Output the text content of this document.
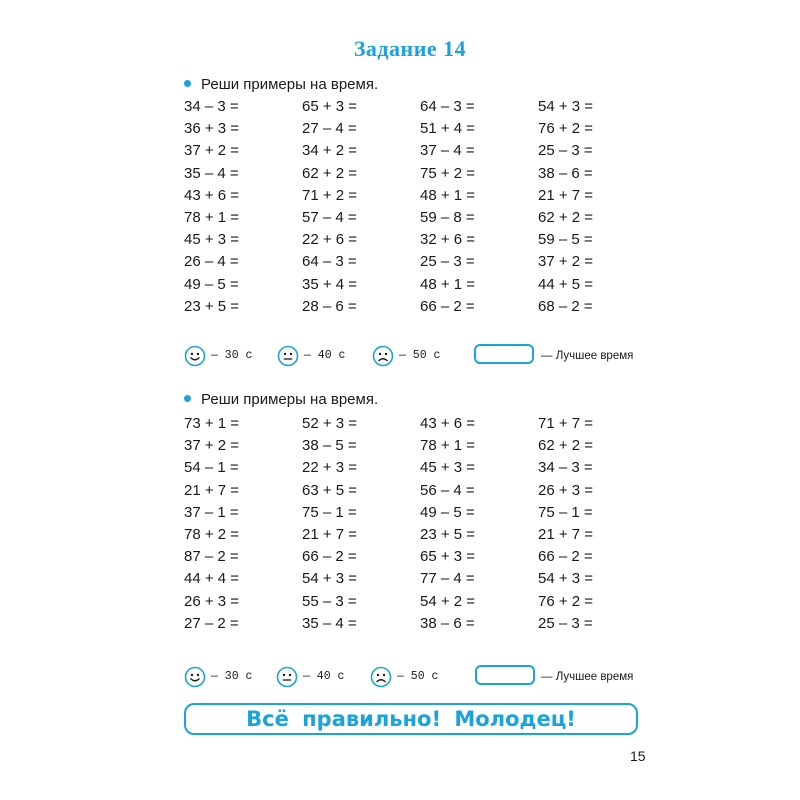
Задание 14
Реши примеры на время.
34 – 3 =	65 + 3 =	64 – 3 =	54 + 3 =
36 + 3 =	27 – 4 =	51 + 4 =	76 + 2 =
37 + 2 =	34 + 2 =	37 – 4 =	25 – 3 =
35 – 4 =	62 + 2 =	75 + 2 =	38 – 6 =
43 + 6 =	71 + 2 =	48 + 1 =	21 + 7 =
78 + 1 =	57 – 4 =	59 – 8 =	62 + 2 =
45 + 3 =	22 + 6 =	32 + 6 =	59 – 5 =
26 – 4 =	64 – 3 =	25 – 3 =	37 + 2 =
49 – 5 =	35 + 4 =	48 + 1 =	44 + 5 =
23 + 5 =	28 – 6 =	66 – 2 =	68 – 2 =
— 30 с	— 40 с	— 50 с	— Лучшее время
Реши примеры на время.
73 + 1 =	52 + 3 =	43 + 6 =	71 + 7 =
37 + 2 =	38 – 5 =	78 + 1 =	62 + 2 =
54 – 1 =	22 + 3 =	45 + 3 =	34 – 3 =
21 + 7 =	63 + 5 =	56 – 4 =	26 + 3 =
37 – 1 =	75 – 1 =	49 – 5 =	75 – 1 =
78 + 2 =	21 + 7 =	23 + 5 =	21 + 7 =
87 – 2 =	66 – 2 =	65 + 3 =	66 – 2 =
44 + 4 =	54 + 3 =	77 – 4 =	54 + 3 =
26 + 3 =	55 – 3 =	54 + 2 =	76 + 2 =
27 – 2 =	35 – 4 =	38 – 6 =	25 – 3 =
— 30 с	— 40 с	— 50 с	— Лучшее время
Всё правильно! Молодец!
15
